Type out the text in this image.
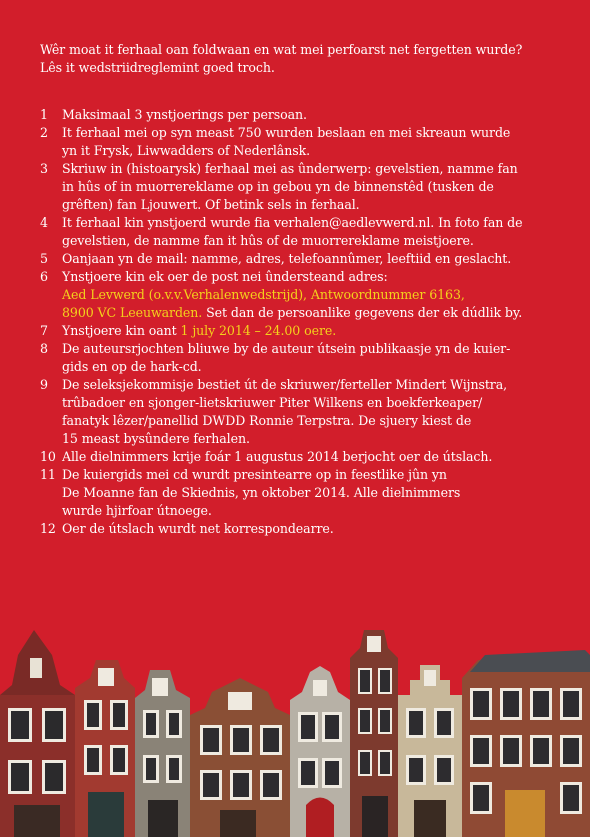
Wêr moat it ferhaal oan foldwaan en wat mei perfoarst net fergetten wurde?
Lês it wedstriidreglemint goed troch.
1	Maksimaal 3 ynstjoerings per persoan.
2	It ferhaal mei op syn meast 750 wurden beslaan en mei skreaun wurde
yn it Frysk, Liwwadders of Nederlânsk.
3	Skriuw in (histoarysk) ferhaal mei as ûnderwerp: gevelstien, namme fan
in hûs of in muorrereklame op in gebou yn de binnenstêd (tusken de
grêften) fan Ljouwert. Of betink sels in ferhaal.
4	It ferhaal kin ynstjoerd wurde fia verhalen@aedlevwerd.nl. In foto fan de
gevelstien, de namme fan it hûs of de muorrereklame meistjoere.
5	Oanjaan yn de mail: namme, adres, telefoannûmer, leeftiid en geslacht.
6	Ynstjoere kin ek oer de post nei ûndersteand adres:
Aed Levwerd (o.v.v.Verhalenwedstrijd), Antwoordnummer 6163,
8900 VC Leeuwarden. Set dan de persoanlike gegevens der ek dúdlik by.
7	Ynstjoere kin oant 1 july 2014 – 24.00 oere.
8	De auteursrjochten bliuwe by de auteur útsein publikaasje yn de kuier-
gids en op de hark-cd.
9	De seleksjekommisje bestiet út de skriuwer/ferteller Mindert Wijnstra,
trûbadoer en sjonger-lietskriuwer Piter Wilkens en boekferkeaper/
fanatyk lêzer/panellid DWDD Ronnie Terpstra. De sjuery kiest de
15 meast bysûndere ferhalen.
10 Alle dielnimmers krije foár 1 augustus 2014 berjocht oer de útslach.
11 De kuiergids mei cd wurdt presintearre op in feestlike jûn yn
De Moanne fan de Skiednis, yn oktober 2014. Alle dielnimmers
wurde hjirfoar útnoege.
12 Oer de útslach wurdt net korrespondearre.
